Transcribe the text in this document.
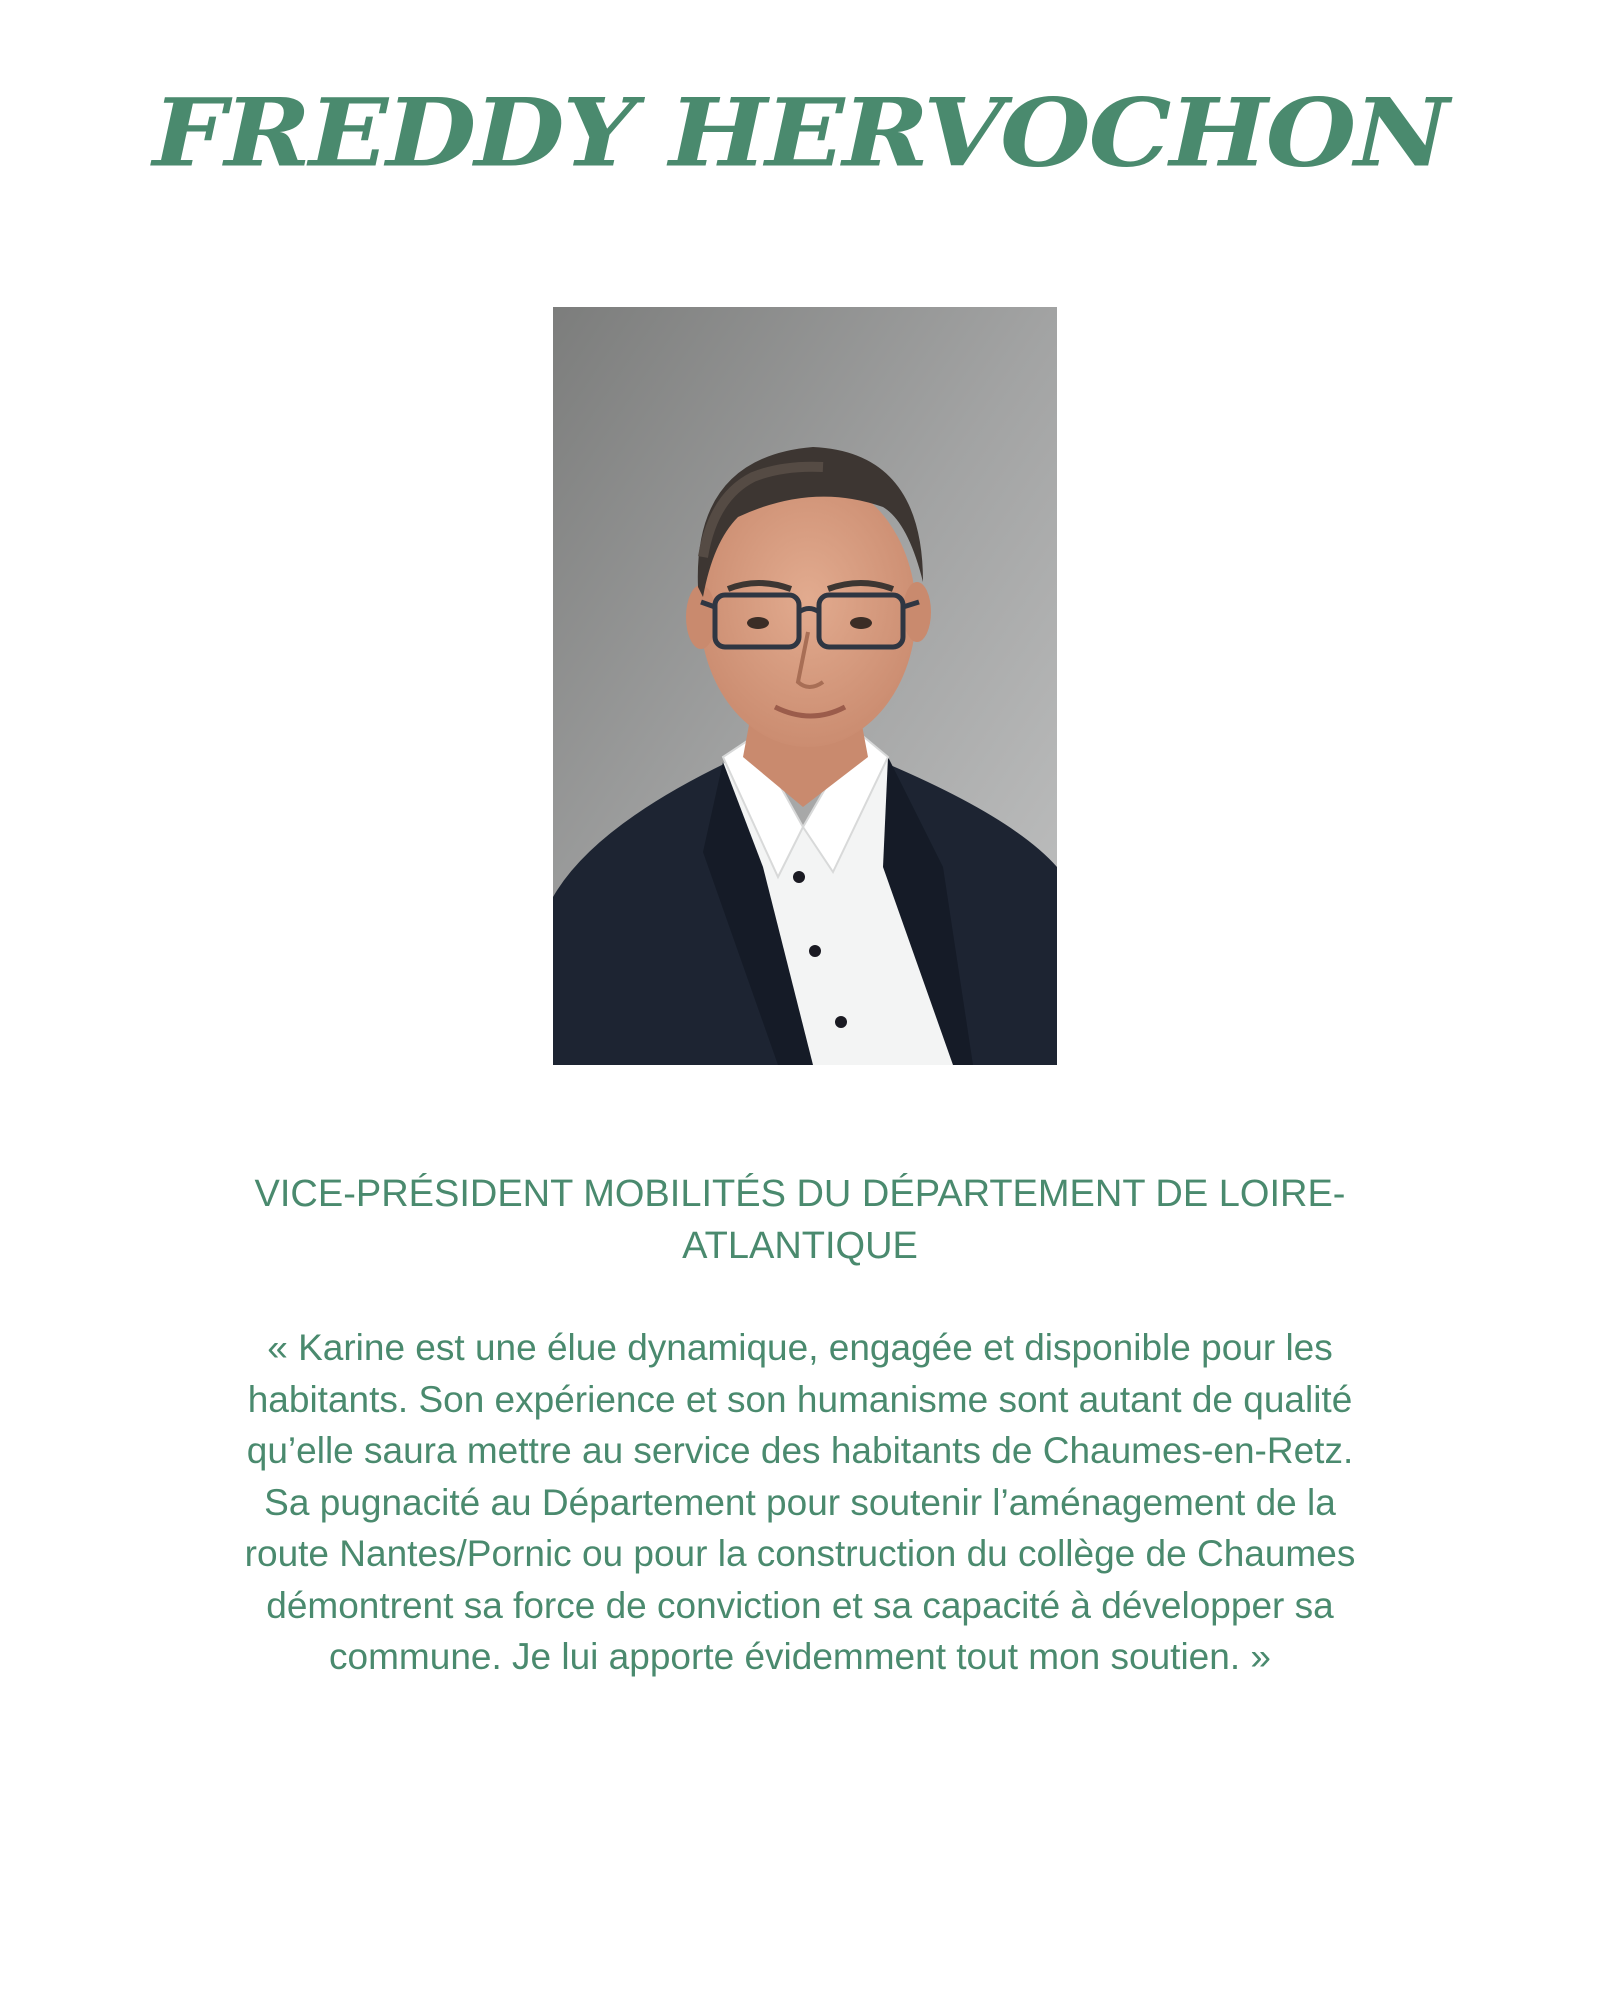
FREDDY HERVOCHON
VICE-PRÉSIDENT MOBILITÉS DU DÉPARTEMENT DE LOIRE-
ATLANTIQUE
« Karine est une élue dynamique, engagée et disponible pour les
habitants. Son expérience et son humanisme sont autant de qualité
qu’elle saura mettre au service des habitants de Chaumes-en-Retz.
Sa pugnacité au Département pour soutenir l’aménagement de la
route Nantes/Pornic ou pour la construction du collège de Chaumes
démontrent sa force de conviction et sa capacité à développer sa
commune. Je lui apporte évidemment tout mon soutien. »
